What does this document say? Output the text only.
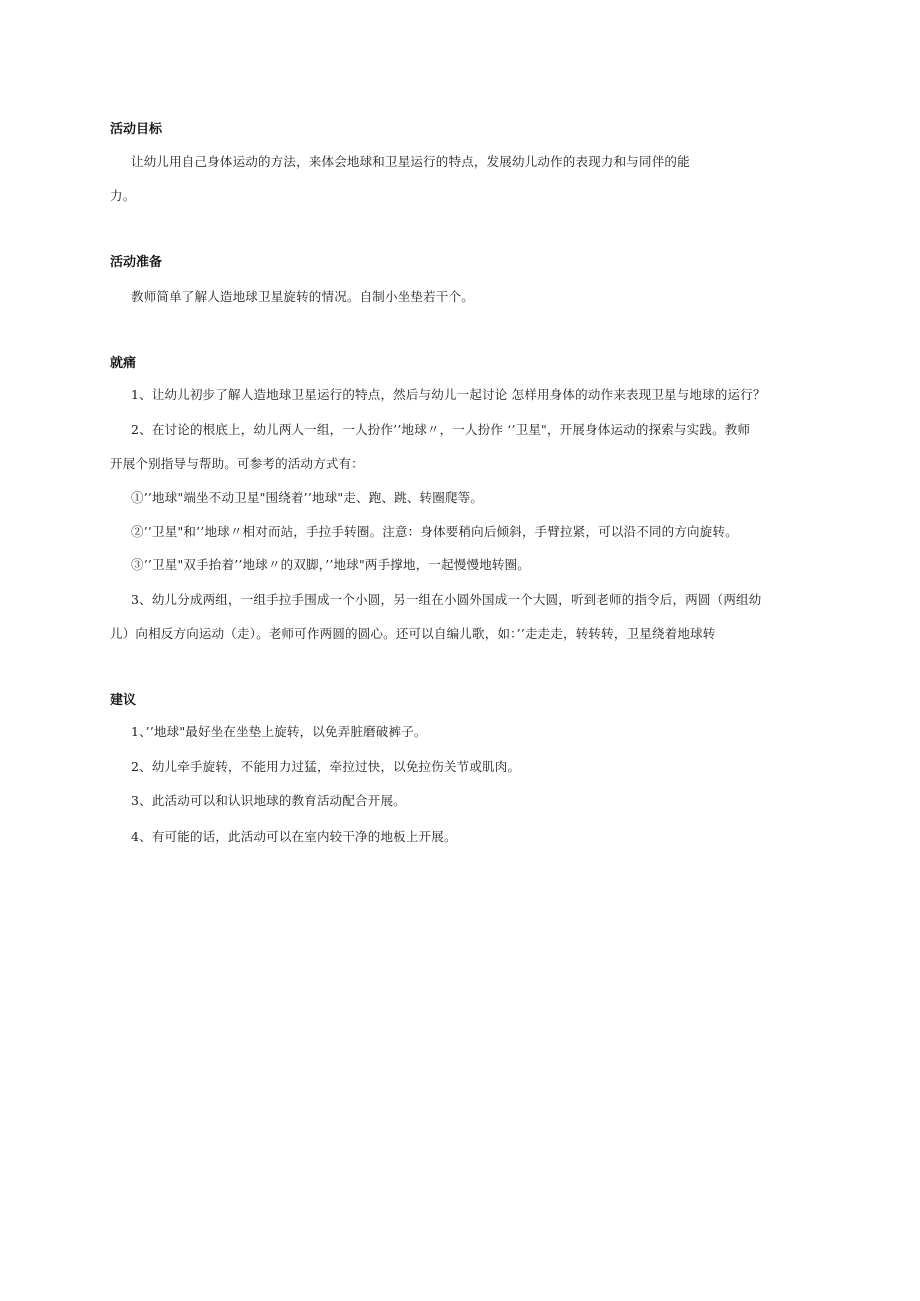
活动目标
让幼儿用自己身体运动的方法，来体会地球和卫星运行的特点，发展幼儿动作的表现力和与同伴的能
力。
活动准备
教师简单了解人造地球卫星旋转的情况。自制小坐垫若干个。
就痛
1、让幼儿初步了解人造地球卫星运行的特点，然后与幼儿一起讨论 怎样用身体的动作来表现卫星与地球的运行？
2、在讨论的根底上，幼儿两人一组，一人扮作’’地球〃，一人扮作 ‘’卫星"，开展身体运动的探索与实践。教师
开展个别指导与帮助。可参考的活动方式有：
①’’地球"端坐不动卫星"围绕着’’地球"走、跑、跳、转圈爬等。
②’’卫星"和’’地球〃相对而站，手拉手转圈。注意：身体要稍向后倾斜，手臂拉紧，可以沿不同的方向旋转。
③’’卫星"双手抬着’’地球〃的双脚，’’地球"两手撑地，一起慢慢地转圈。
3、幼儿分成两组，一组手拉手围成一个小圆，另一组在小圆外国成一个大圆，听到老师的指令后，两圆（两组幼
儿）向相反方向运动（走）。老师可作两圆的圆心。还可以自编儿歌，如：’’走走走，转转转，卫星绕着地球转
建议
1、’’地球"最好坐在坐垫上旋转，以免弄脏磨破裤子。
2、幼儿牵手旋转，不能用力过猛，牵拉过快，以免拉伤关节或肌肉。
3、此活动可以和认识地球的教育活动配合开展。
4、有可能的话，此活动可以在室内较干净的地板上开展。
